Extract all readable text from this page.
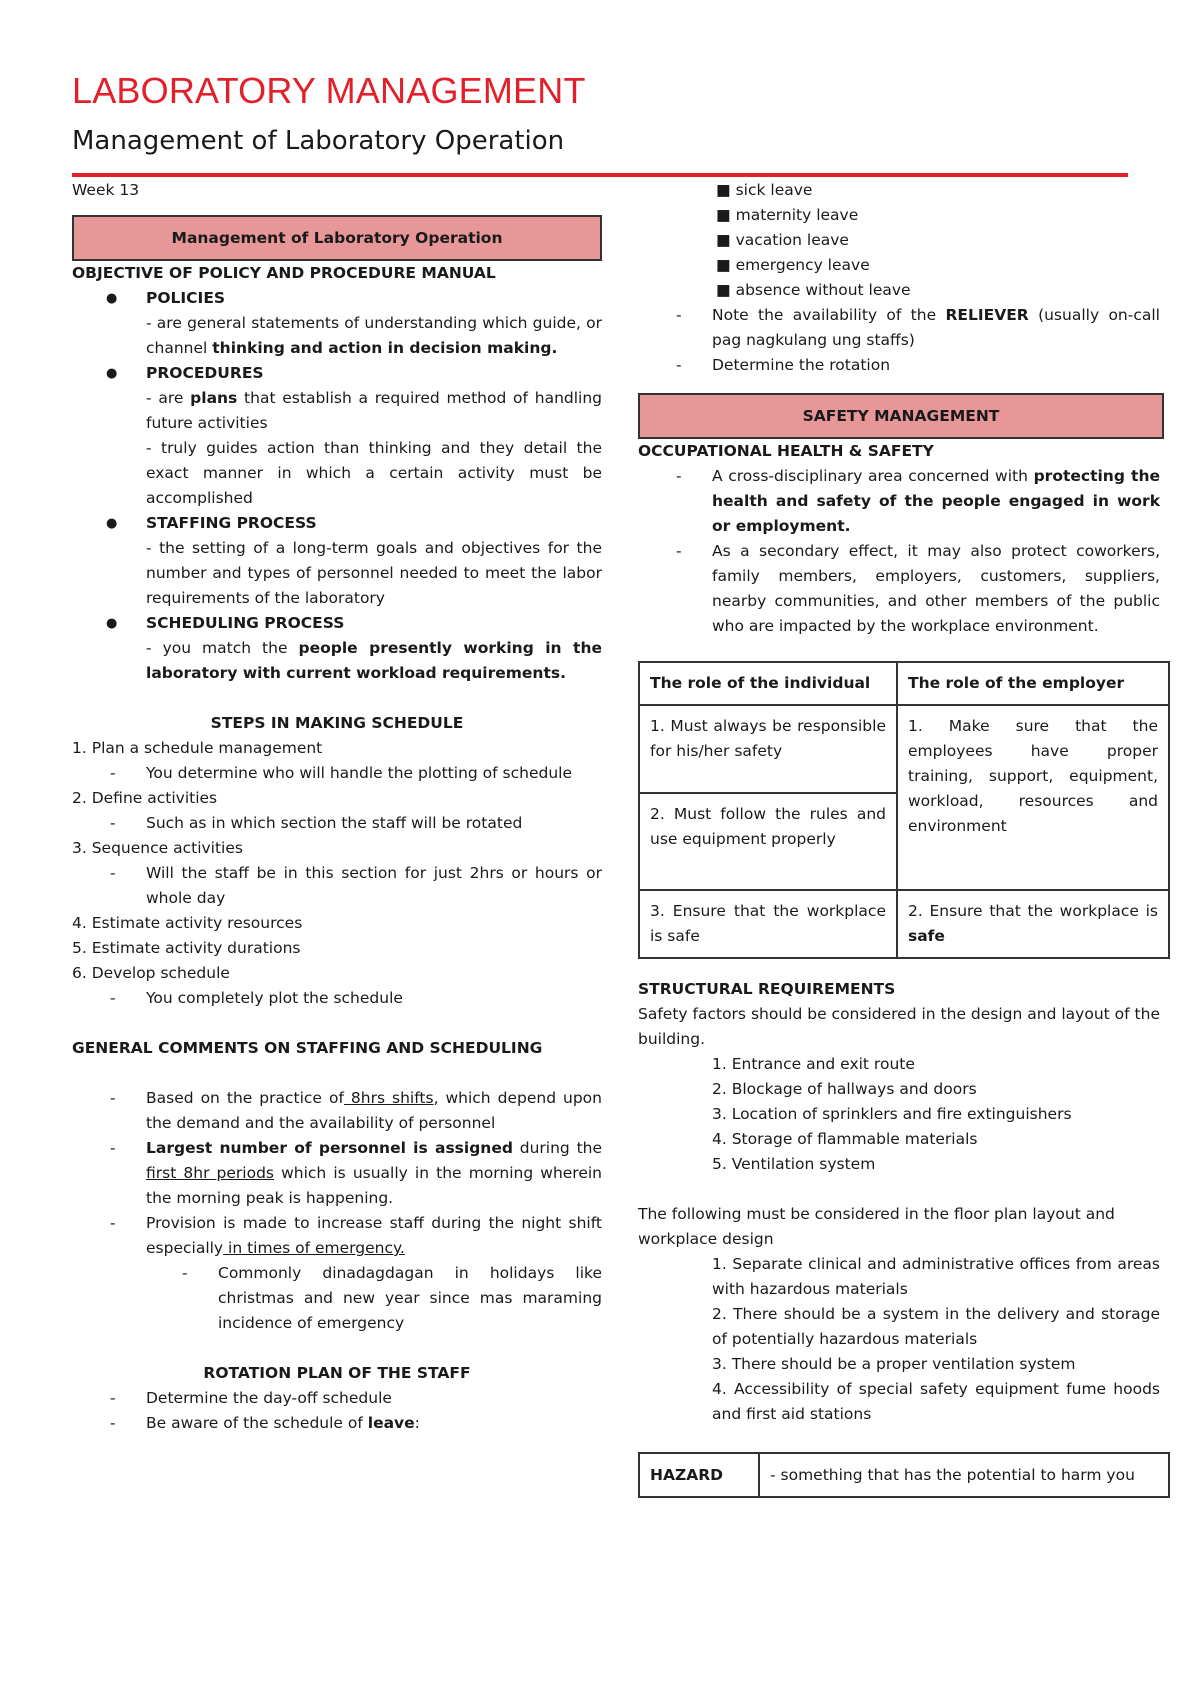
LABORATORY MANAGEMENT
Management of Laboratory Operation
Week 13
Management of Laboratory Operation
OBJECTIVE OF POLICY AND PROCEDURE MANUAL
● POLICIES
- are general statements of understanding which guide, or channel thinking and action in decision making.
● PROCEDURES
- are plans that establish a required method of handling future activities
- truly guides action than thinking and they detail the exact manner in which a certain activity must be accomplished
● STAFFING PROCESS
- the setting of a long-term goals and objectives for the number and types of personnel needed to meet the labor requirements of the laboratory
● SCHEDULING PROCESS
- you match the people presently working in the laboratory with current workload requirements.
STEPS IN MAKING SCHEDULE
1. Plan a schedule management
- You determine who will handle the plotting of schedule
2. Define activities
- Such as in which section the staff will be rotated
3. Sequence activities
- Will the staff be in this section for just 2hrs or hours or whole day
4. Estimate activity resources
5. Estimate activity durations
6. Develop schedule
- You completely plot the schedule
GENERAL COMMENTS ON STAFFING AND SCHEDULING
- Based on the practice of 8hrs shifts, which depend upon the demand and the availability of personnel
- Largest number of personnel is assigned during the first 8hr periods which is usually in the morning wherein the morning peak is happening.
- Provision is made to increase staff during the night shift especially in times of emergency.
- Commonly dinadagdagan in holidays like christmas and new year since mas maraming incidence of emergency
ROTATION PLAN OF THE STAFF
- Determine the day-off schedule
- Be aware of the schedule of leave:
■ sick leave
■ maternity leave
■ vacation leave
■ emergency leave
■ absence without leave
- Note the availability of the RELIEVER (usually on-call pag nagkulang ung staffs)
- Determine the rotation
SAFETY MANAGEMENT
OCCUPATIONAL HEALTH & SAFETY
- A cross-disciplinary area concerned with protecting the health and safety of the people engaged in work or employment.
- As a secondary effect, it may also protect coworkers, family members, employers, customers, suppliers, nearby communities, and other members of the public who are impacted by the workplace environment.
The role of the individual	The role of the employer
1. Must always be responsible for his/her safety	1. Make sure that the employees have proper training, support, equipment, workload, resources and environment
2. Must follow the rules and use equipment properly	
3. Ensure that the workplace is safe	2. Ensure that the workplace is safe
STRUCTURAL REQUIREMENTS

Safety factors should be considered in the design and layout of the building.

1. Entrance and exit route
2. Blockage of hallways and doors
3. Location of sprinklers and fire extinguishers
4. Storage of flammable materials
5. Ventilation system

The following must be considered in the floor plan layout and workplace design

1. Separate clinical and administrative offices from areas with hazardous materials
2. There should be a system in the delivery and storage of potentially hazardous materials
3. There should be a proper ventilation system
4. Accessibility of special safety equipment fume hoods and first aid stations
HAZARD	- something that has the potential to harm you
